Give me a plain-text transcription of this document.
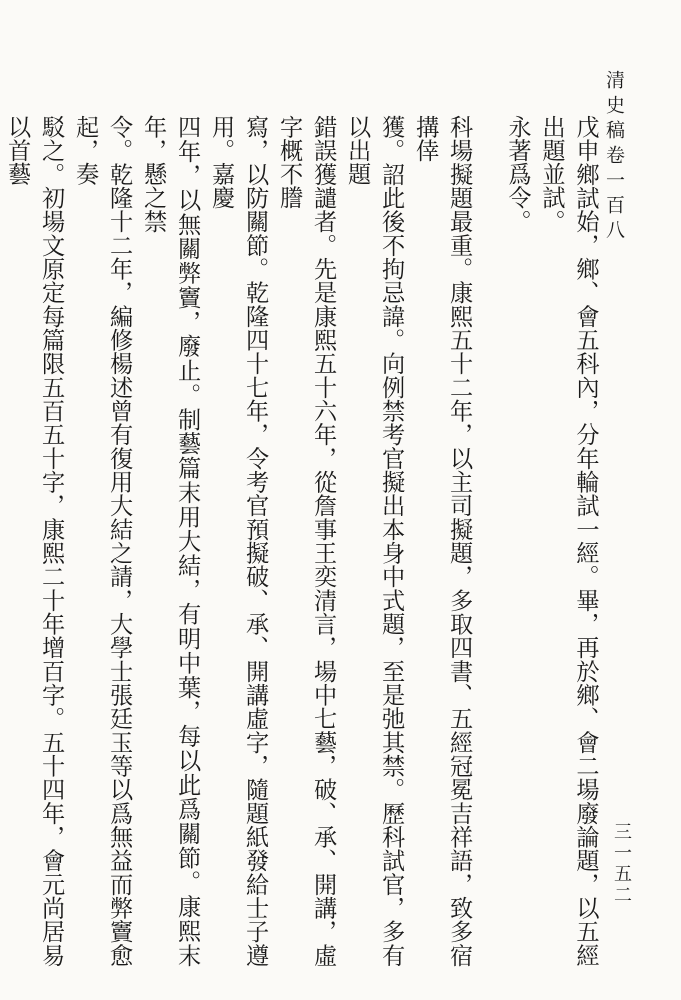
清史稿卷一百八
三一五二

戊申鄉試始，鄉、會五科內，分年輪試一經。畢，再於鄉、會二場廢論題，以五經出題並試。

永著爲令。

科場擬題最重。康熙五十二年，以主司擬題，多取四書、五經冠冕吉祥語，致多宿搆倖

獲。詔此後不拘忌諱。向例禁考官擬出本身中式題，至是弛其禁。歷科試官，多有以出題

錯誤獲譴者。先是康熙五十六年，從詹事王奕清言，場中七藝，破、承、開講，虛字概不謄

寫，以防關節。乾隆四十七年，令考官預擬破、承、開講虛字，隨題紙發給士子遵用。嘉慶

四年，以無關弊竇，廢止。制藝篇末用大結，有明中葉，每以此爲關節。康熙末年，懸之禁

令。乾隆十二年，編修楊述曾有復用大結之請，大學士張廷玉等以爲無益而弊竇愈起，奏

駁之。初場文原定每篇限五百五十字，康熙二十年增百字。五十四年，會元尚居易以首藝
